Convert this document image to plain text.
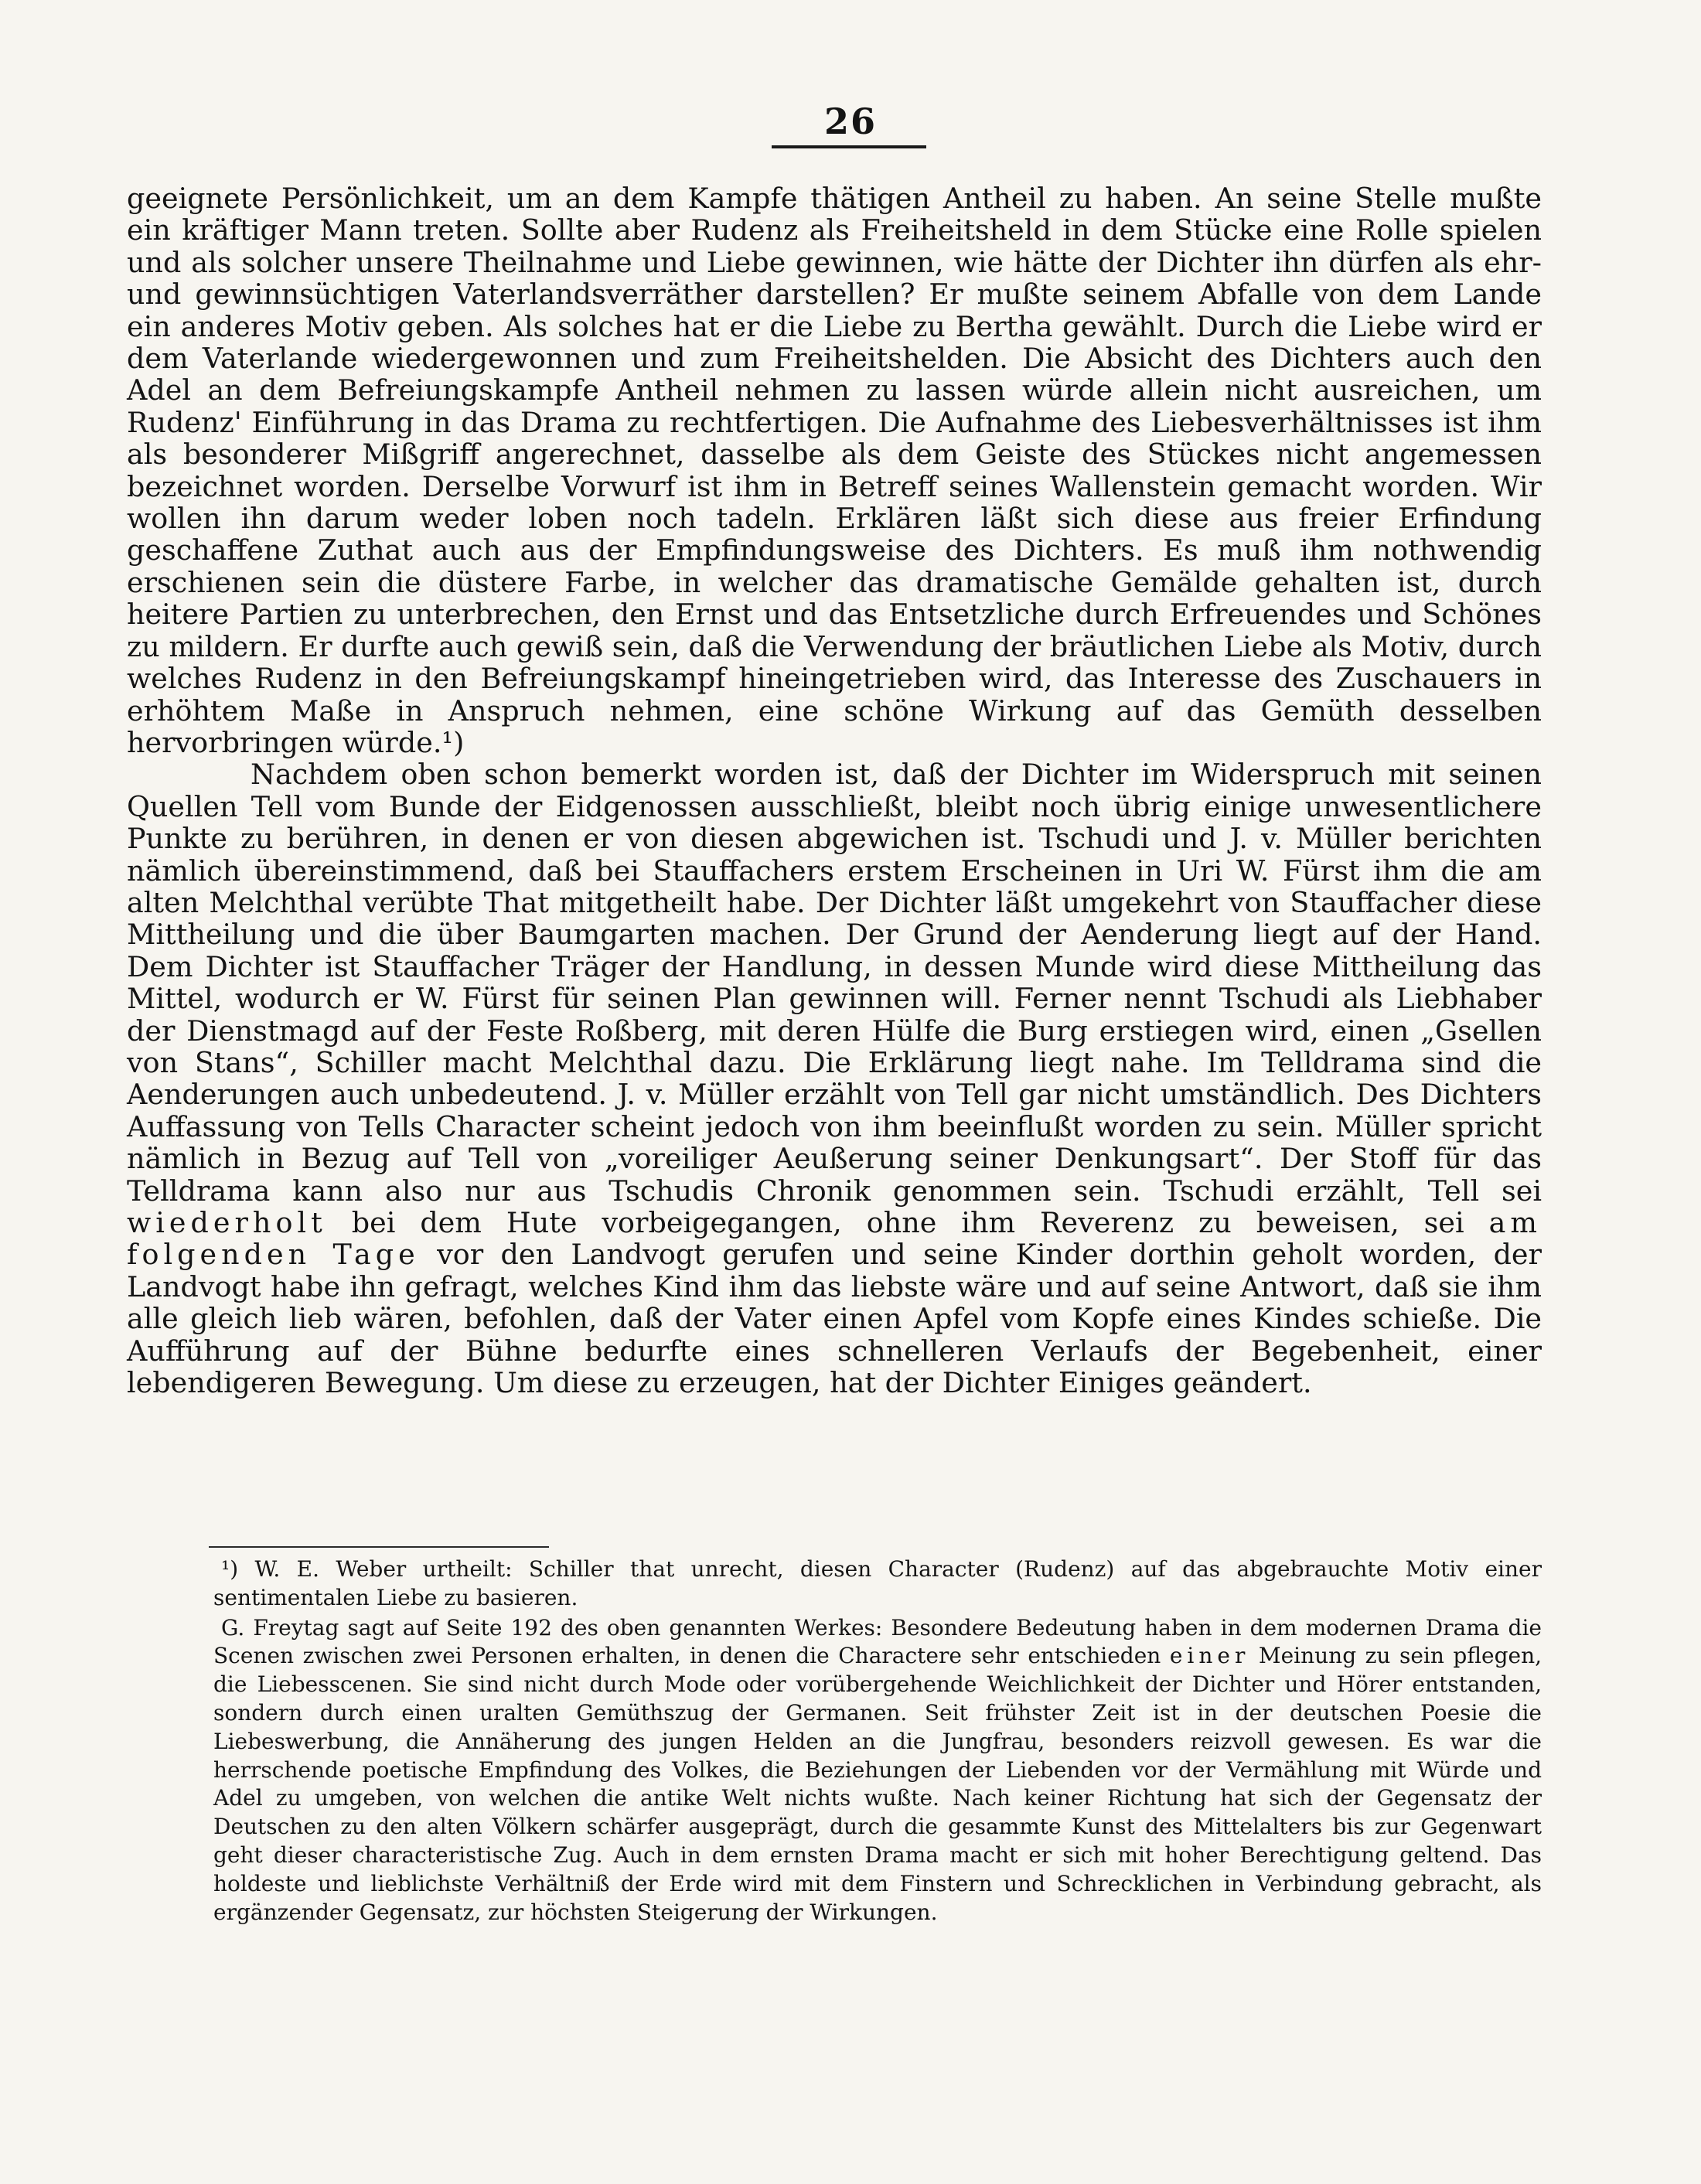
26

geeignete Persönlichkeit, um an dem Kampfe thätigen Antheil zu haben. An seine Stelle mußte ein kräftiger Mann treten. Sollte aber Rudenz als Freiheitsheld in dem Stücke eine Rolle spielen und als solcher unsere Theilnahme und Liebe gewinnen, wie hätte der Dichter ihn dürfen als ehr- und gewinnsüchtigen Vaterlandsverräther darstellen? Er mußte seinem Abfalle von dem Lande ein anderes Motiv geben. Als solches hat er die Liebe zu Bertha gewählt. Durch die Liebe wird er dem Vaterlande wiedergewonnen und zum Freiheitshelden. Die Absicht des Dichters auch den Adel an dem Befreiungskampfe Antheil nehmen zu lassen würde allein nicht ausreichen, um Rudenz' Einführung in das Drama zu rechtfertigen. Die Aufnahme des Liebesverhältnisses ist ihm als besonderer Mißgriff angerechnet, dasselbe als dem Geiste des Stückes nicht angemessen bezeichnet worden. Derselbe Vorwurf ist ihm in Betreff seines Wallenstein gemacht worden. Wir wollen ihn darum weder loben noch tadeln. Erklären läßt sich diese aus freier Erfindung geschaffene Zuthat auch aus der Empfindungsweise des Dichters. Es muß ihm nothwendig erschienen sein die düstere Farbe, in welcher das dramatische Gemälde gehalten ist, durch heitere Partien zu unterbrechen, den Ernst und das Entsetzliche durch Erfreuendes und Schönes zu mildern. Er durfte auch gewiß sein, daß die Verwendung der bräutlichen Liebe als Motiv, durch welches Rudenz in den Befreiungskampf hineingetrieben wird, das Interesse des Zuschauers in erhöhtem Maße in Anspruch nehmen, eine schöne Wirkung auf das Gemüth desselben hervorbringen würde.¹)

Nachdem oben schon bemerkt worden ist, daß der Dichter im Widerspruch mit seinen Quellen Tell vom Bunde der Eidgenossen ausschließt, bleibt noch übrig einige unwesentlichere Punkte zu berühren, in denen er von diesen abgewichen ist. Tschudi und J. v. Müller berichten nämlich übereinstimmend, daß bei Stauffachers erstem Erscheinen in Uri W. Fürst ihm die am alten Melchthal verübte That mitgetheilt habe. Der Dichter läßt umgekehrt von Stauffacher diese Mittheilung und die über Baumgarten machen. Der Grund der Aenderung liegt auf der Hand. Dem Dichter ist Stauffacher Träger der Handlung, in dessen Munde wird diese Mittheilung das Mittel, wodurch er W. Fürst für seinen Plan gewinnen will. Ferner nennt Tschudi als Liebhaber der Dienstmagd auf der Feste Roßberg, mit deren Hülfe die Burg erstiegen wird, einen „Gsellen von Stans“, Schiller macht Melchthal dazu. Die Erklärung liegt nahe. Im Telldrama sind die Aenderungen auch unbedeutend. J. v. Müller erzählt von Tell gar nicht umständlich. Des Dichters Auffassung von Tells Character scheint jedoch von ihm beeinflußt worden zu sein. Müller spricht nämlich in Bezug auf Tell von „voreiliger Aeußerung seiner Denkungsart“. Der Stoff für das Telldrama kann also nur aus Tschudis Chronik genommen sein. Tschudi erzählt, Tell sei wiederholt bei dem Hute vorbeigegangen, ohne ihm Reverenz zu beweisen, sei am folgenden Tage vor den Landvogt gerufen und seine Kinder dorthin geholt worden, der Landvogt habe ihn gefragt, welches Kind ihm das liebste wäre und auf seine Antwort, daß sie ihm alle gleich lieb wären, befohlen, daß der Vater einen Apfel vom Kopfe eines Kindes schieße. Die Aufführung auf der Bühne bedurfte eines schnelleren Verlaufs der Begebenheit, einer lebendigeren Bewegung. Um diese zu erzeugen, hat der Dichter Einiges geändert.

¹) W. E. Weber urtheilt: Schiller that unrecht, diesen Character (Rudenz) auf das abgebrauchte Motiv einer sentimentalen Liebe zu basieren.

G. Freytag sagt auf Seite 192 des oben genannten Werkes: Besondere Bedeutung haben in dem modernen Drama die Scenen zwischen zwei Personen erhalten, in denen die Charactere sehr entschieden einer Meinung zu sein pflegen, die Liebesscenen. Sie sind nicht durch Mode oder vorübergehende Weichlichkeit der Dichter und Hörer entstanden, sondern durch einen uralten Gemüthszug der Germanen. Seit frühster Zeit ist in der deutschen Poesie die Liebeswerbung, die Annäherung des jungen Helden an die Jungfrau, besonders reizvoll gewesen. Es war die herrschende poetische Empfindung des Volkes, die Beziehungen der Liebenden vor der Vermählung mit Würde und Adel zu umgeben, von welchen die antike Welt nichts wußte. Nach keiner Richtung hat sich der Gegensatz der Deutschen zu den alten Völkern schärfer ausgeprägt, durch die gesammte Kunst des Mittelalters bis zur Gegenwart geht dieser characteristische Zug. Auch in dem ernsten Drama macht er sich mit hoher Berechtigung geltend. Das holdeste und lieblichste Verhältniß der Erde wird mit dem Finstern und Schrecklichen in Verbindung gebracht, als ergänzender Gegensatz, zur höchsten Steigerung der Wirkungen.
